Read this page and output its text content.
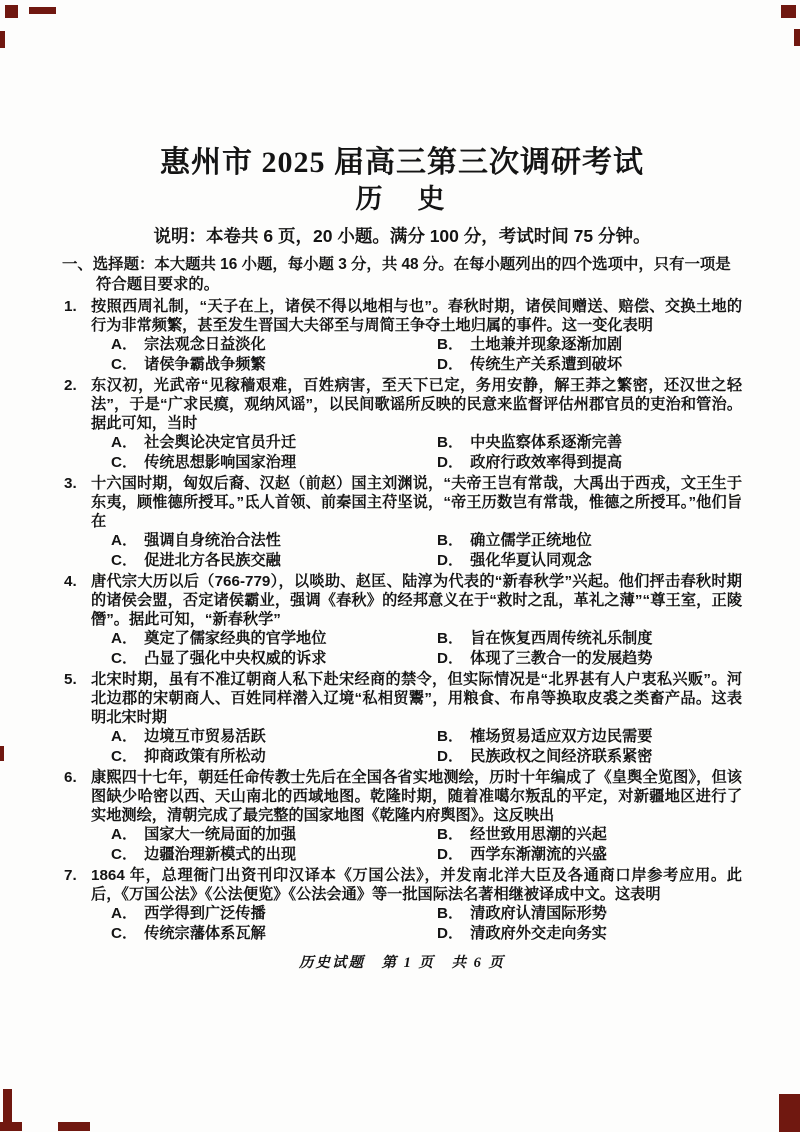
惠州市 2025 届高三第三次调研考试
历　史
说明：本卷共 6 页，20 小题。满分 100 分，考试时间 75 分钟。
一、选择题：本大题共 16 小题，每小题 3 分，共 48 分。在每小题列出的四个选项中，只有一项是符合题目要求的。
1. 按照西周礼制，“天子在上，诸侯不得以地相与也”。春秋时期，诸侯间赠送、赔偿、交换土地的行为非常频繁，甚至发生晋国大夫郤至与周简王争夺土地归属的事件。这一变化表明
A． 宗法观念日益淡化	B． 土地兼并现象逐渐加剧
C． 诸侯争霸战争频繁	D． 传统生产关系遭到破坏
2. 东汉初，光武帝“见稼穑艰难，百姓病害，至天下已定，务用安静，解王莽之繁密，还汉世之轻法”，于是“广求民瘼，观纳风谣”，以民间歌谣所反映的民意来监督评估州郡官员的吏治和管治。据此可知，当时
A． 社会舆论决定官员升迁	B． 中央监察体系逐渐完善
C． 传统思想影响国家治理	D． 政府行政效率得到提高
3. 十六国时期，匈奴后裔、汉赵（前赵）国主刘渊说，“夫帝王岂有常哉，大禹出于西戎，文王生于东夷，顾惟德所授耳。”氐人首领、前秦国主苻坚说，“帝王历数岂有常哉，惟德之所授耳。”他们旨在
A． 强调自身统治合法性	B． 确立儒学正统地位
C． 促进北方各民族交融	D． 强化华夏认同观念
4. 唐代宗大历以后（766-779），以啖助、赵匡、陆淳为代表的“新春秋学”兴起。他们抨击春秋时期的诸侯会盟，否定诸侯霸业，强调《春秋》的经邦意义在于“救时之乱，革礼之薄”“尊王室，正陵僭”。据此可知，“新春秋学”
A． 奠定了儒家经典的官学地位	B． 旨在恢复西周传统礼乐制度
C． 凸显了强化中央权威的诉求	D． 体现了三教合一的发展趋势
5. 北宋时期，虽有不准辽朝商人私下赴宋经商的禁令，但实际情况是“北界甚有人户衷私兴贩”。河北边郡的宋朝商人、百姓同样潜入辽境“私相贸鬻”，用粮食、布帛等换取皮裘之类畜产品。这表明北宋时期
A． 边境互市贸易活跃	B． 榷场贸易适应双方边民需要
C． 抑商政策有所松动	D． 民族政权之间经济联系紧密
6. 康熙四十七年，朝廷任命传教士先后在全国各省实地测绘，历时十年编成了《皇舆全览图》，但该图缺少哈密以西、天山南北的西域地图。乾隆时期，随着准噶尔叛乱的平定，对新疆地区进行了实地测绘，清朝完成了最完整的国家地图《乾隆内府舆图》。这反映出
A． 国家大一统局面的加强	B． 经世致用思潮的兴起
C． 边疆治理新模式的出现	D． 西学东渐潮流的兴盛
7. 1864 年，总理衙门出资刊印汉译本《万国公法》，并发南北洋大臣及各通商口岸参考应用。此后，《万国公法》《公法便览》《公法会通》等一批国际法名著相继被译成中文。这表明
A． 西学得到广泛传播	B． 清政府认清国际形势
C． 传统宗藩体系瓦解	D． 清政府外交走向务实
历史试题　第 1 页　共 6 页
